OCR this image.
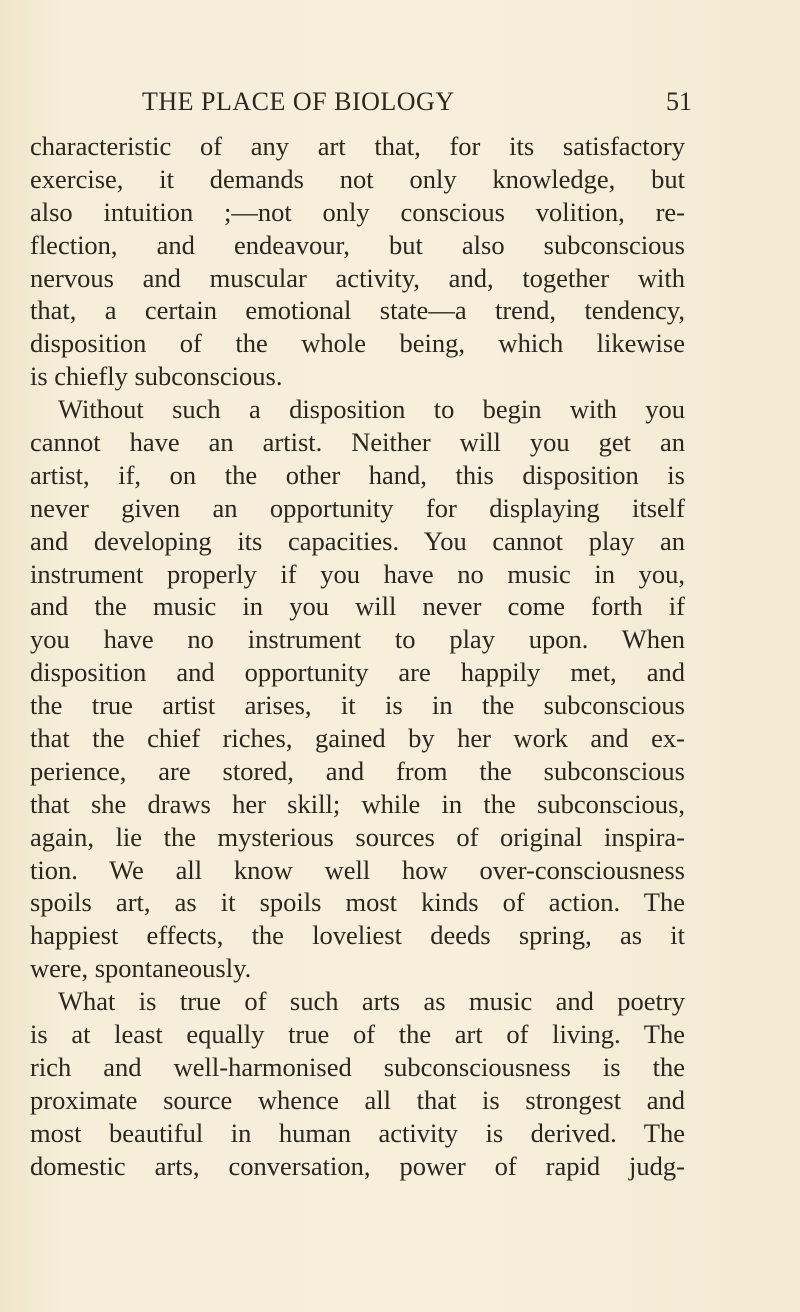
THE PLACE OF BIOLOGY	51
characteristic of any art that, for its satisfactory
exercise, it demands not only knowledge, but
also intuition ;—not only conscious volition, re-
flection, and endeavour, but also subconscious
nervous and muscular activity, and, together with
that, a certain emotional state—a trend, tendency,
disposition of the whole being, which likewise
is chiefly subconscious.
Without such a disposition to begin with you
cannot have an artist. Neither will you get an
artist, if, on the other hand, this disposition is
never given an opportunity for displaying itself
and developing its capacities. You cannot play an
instrument properly if you have no music in you,
and the music in you will never come forth if
you have no instrument to play upon. When
disposition and opportunity are happily met, and
the true artist arises, it is in the subconscious
that the chief riches, gained by her work and ex-
perience, are stored, and from the subconscious
that she draws her skill; while in the subconscious,
again, lie the mysterious sources of original inspira-
tion. We all know well how over-consciousness
spoils art, as it spoils most kinds of action. The
happiest effects, the loveliest deeds spring, as it
were, spontaneously.
What is true of such arts as music and poetry
is at least equally true of the art of living. The
rich and well-harmonised subconsciousness is the
proximate source whence all that is strongest and
most beautiful in human activity is derived. The
domestic arts, conversation, power of rapid judg-
